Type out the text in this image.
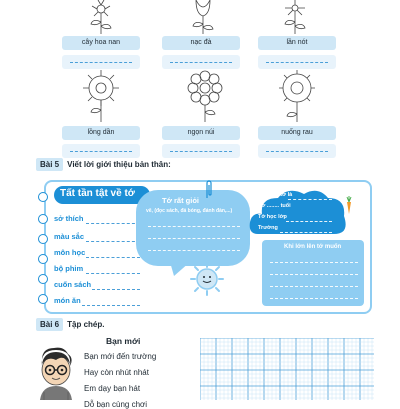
cây hoa nan	nạc đà	lần nót
lồng dần	ngọn núi	nuống rau
Bài 5 Viết lời giới thiệu bản thân:
Tất tần tật về tớ
sở thích
màu sắc
môn học
bộ phim
cuốn sách
món ăn
Tớ rất giỏi
vẽ, (đọc sách, đá bóng, đánh đàn,...)
Tên của tớ là
Tớ ........ tuổi
Tớ học lớp
Trường
Khi lớn lên tớ muốn
Bài 6 Tập chép.
Bạn mới
Bạn mới đến trường
Hay còn nhút nhát
Em dạy bạn hát
Dỗ bạn cùng chơi
